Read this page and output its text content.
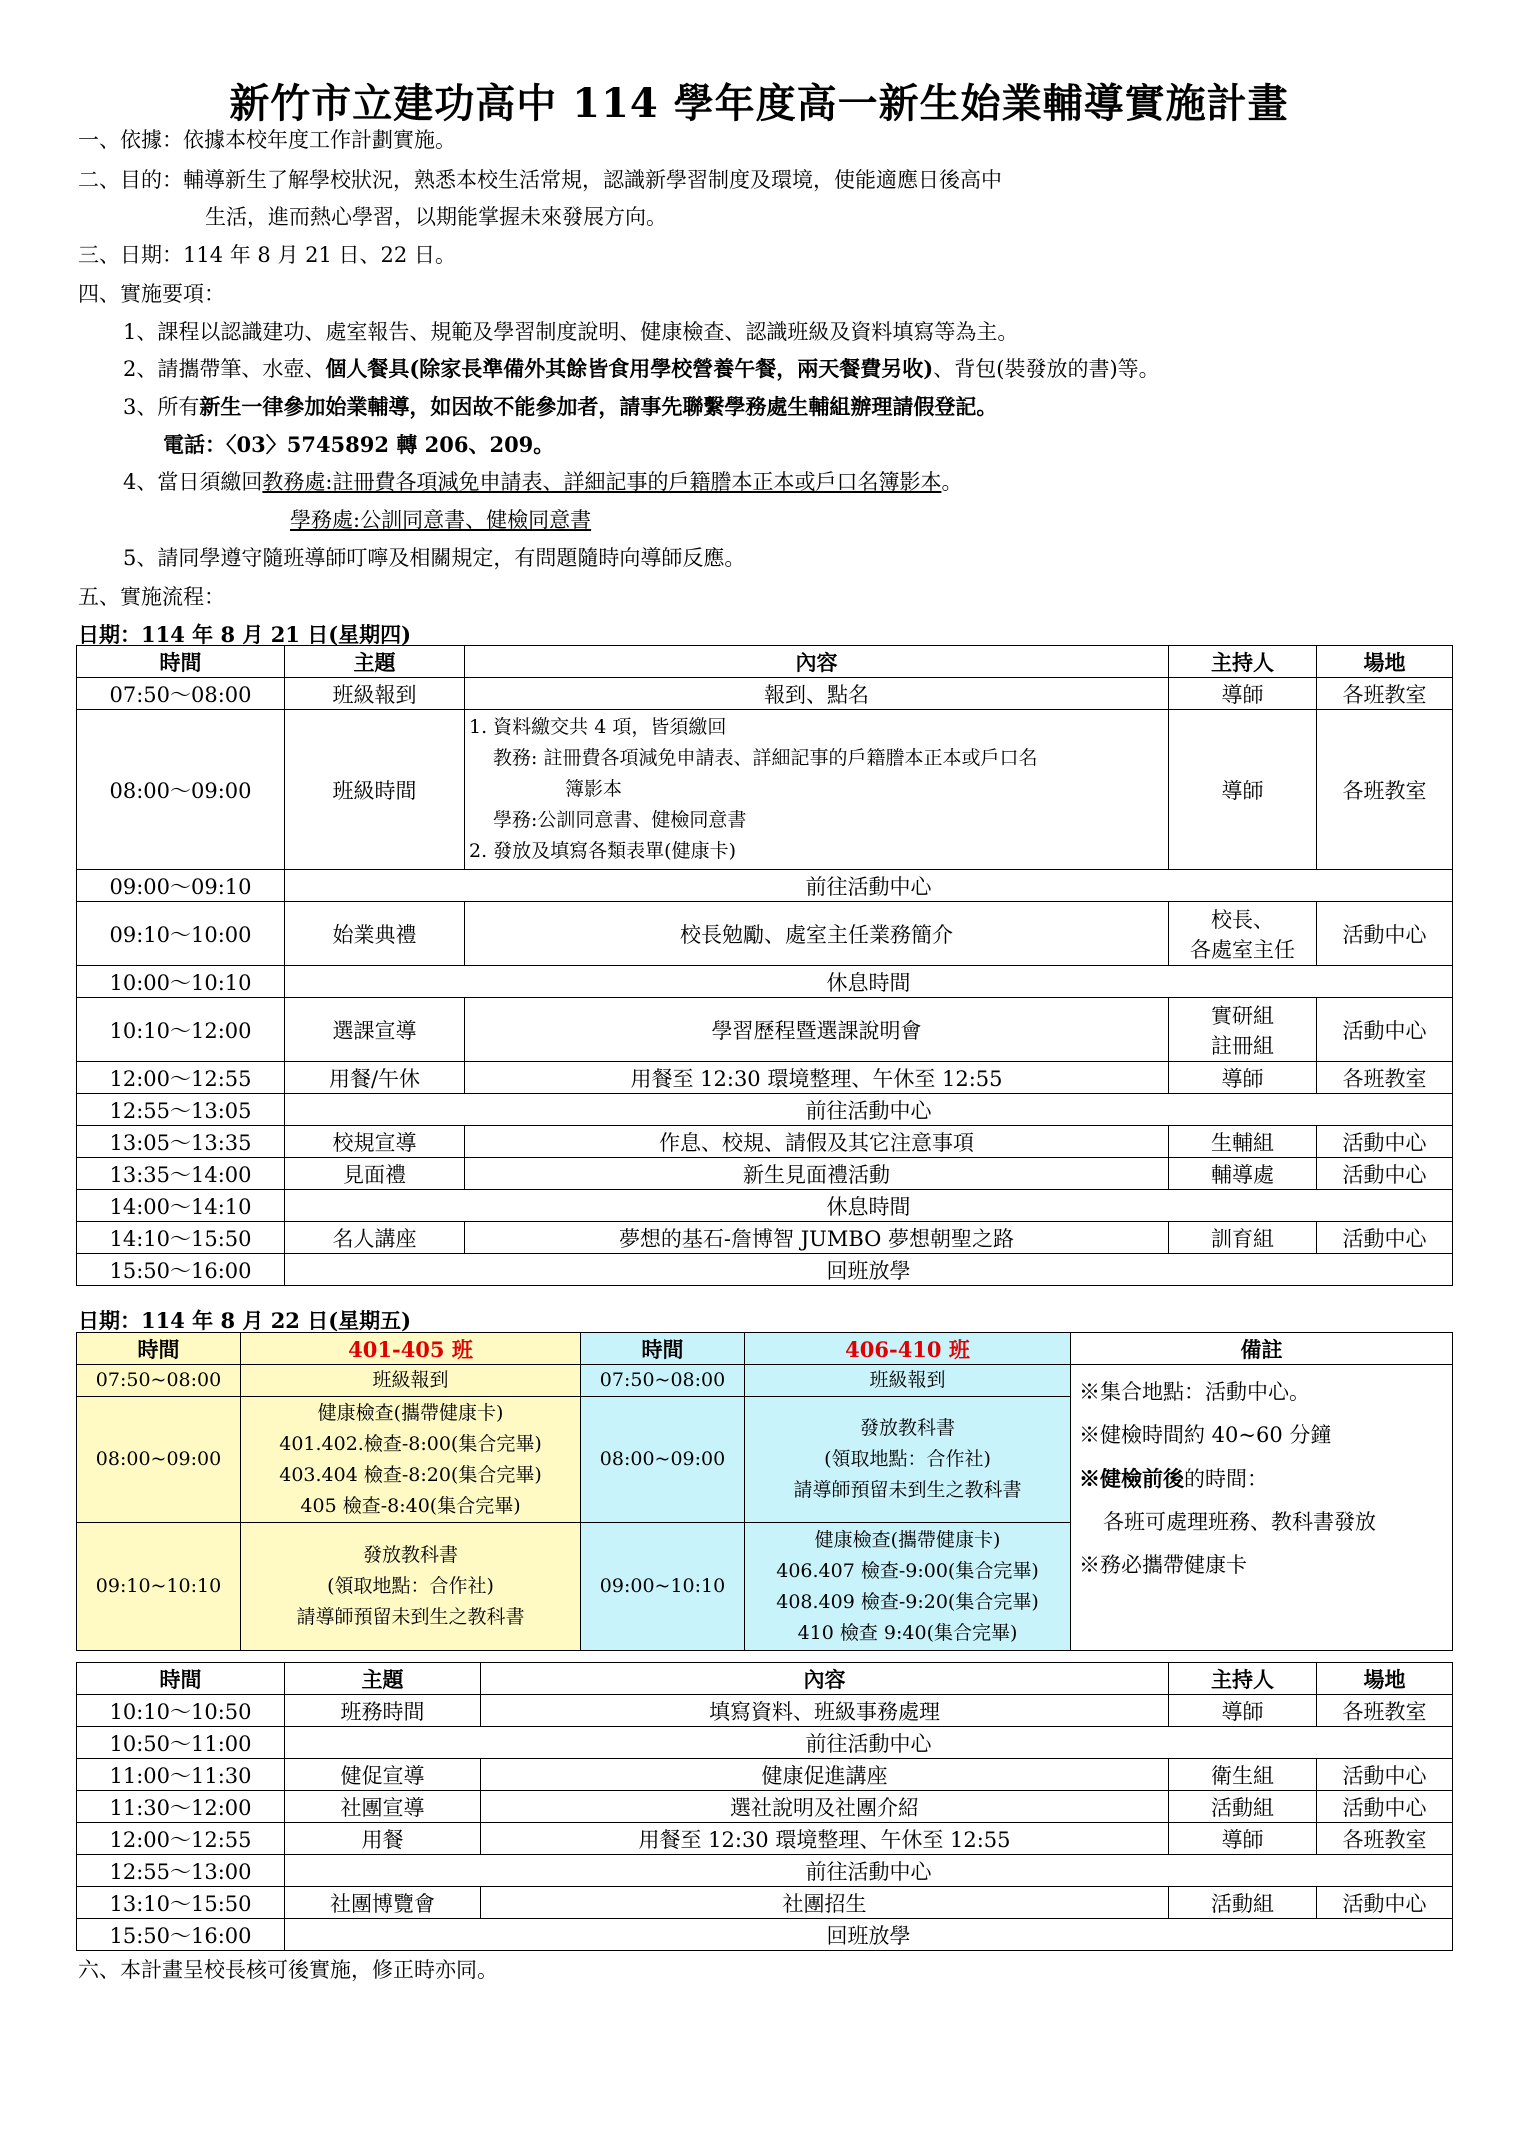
新竹市立建功高中 114 學年度高一新生始業輔導實施計畫
一、依據：依據本校年度工作計劃實施。
二、目的：輔導新生了解學校狀況，熟悉本校生活常規，認識新學習制度及環境，使能適應日後高中
生活，進而熱心學習，以期能掌握未來發展方向。
三、日期：114 年 8 月 21 日、22 日。
四、實施要項：
1、課程以認識建功、處室報告、規範及學習制度說明、健康檢查、認識班級及資料填寫等為主。
2、請攜帶筆、水壺、個人餐具(除家長準備外其餘皆食用學校營養午餐，兩天餐費另收)、背包(裝發放的書)等。
3、所有新生一律參加始業輔導，如因故不能參加者，請事先聯繫學務處生輔組辦理請假登記。
電話：〈03〉5745892 轉 206、209。
4、當日須繳回教務處:註冊費各項減免申請表、詳細記事的戶籍謄本正本或戶口名簿影本。
學務處:公訓同意書、健檢同意書
5、請同學遵守隨班導師叮嚀及相關規定，有問題隨時向導師反應。
五、實施流程：
日期：114 年 8 月 21 日(星期四)
時間	主題	內容	主持人	場地
07:50～08:00	班級報到	報到、點名	導師	各班教室
08:00～09:00	班級時間	1. 資料繳交共 4 項，皆須繳回
教務: 註冊費各項減免申請表、詳細記事的戶籍謄本正本或戶口名
簿影本
學務:公訓同意書、健檢同意書
2. 發放及填寫各類表單(健康卡)	導師	各班教室
09:00～09:10	前往活動中心			
09:10～10:00	始業典禮	校長勉勵、處室主任業務簡介	校長、
各處室主任	活動中心
10:00～10:10	休息時間			
10:10～12:00	選課宣導	學習歷程暨選課說明會	實研組
註冊組	活動中心
12:00～12:55	用餐/午休	用餐至 12:30 環境整理、午休至 12:55	導師	各班教室
12:55～13:05	前往活動中心			
13:05～13:35	校規宣導	作息、校規、請假及其它注意事項	生輔組	活動中心
13:35～14:00	見面禮	新生見面禮活動	輔導處	活動中心
14:00～14:10	休息時間			
14:10～15:50	名人講座	夢想的基石-詹博智 JUMBO 夢想朝聖之路	訓育組	活動中心
15:50～16:00	回班放學			
日期：114 年 8 月 22 日(星期五)
時間	401-405 班	時間	406-410 班	備註
07:50~08:00	班級報到	07:50~08:00	班級報到	※集合地點：活動中心。
※健檢時間約 40~60 分鐘
※健檢前後的時間：
各班可處理班務、教科書發放
※務必攜帶健康卡

08:00~09:00	健康檢查(攜帶健康卡)
401.402.檢查-8:00(集合完畢)
403.404 檢查-8:20(集合完畢)
405 檢查-8:40(集合完畢)	08:00~09:00	發放教科書
(領取地點：合作社)
請導師預留未到生之教科書	

09:10~10:10	發放教科書
(領取地點：合作社)
請導師預留未到生之教科書	09:00~10:10	健康檢查(攜帶健康卡)
406.407 檢查-9:00(集合完畢)
408.409 檢查-9:20(集合完畢)
410 檢查 9:40(集合完畢)	
時間	主題	內容	主持人	場地
10:10～10:50	班務時間	填寫資料、班級事務處理	導師	各班教室
10:50～11:00	前往活動中心			
11:00～11:30	健促宣導	健康促進講座	衛生組	活動中心
11:30～12:00	社團宣導	選社說明及社團介紹	活動組	活動中心
12:00～12:55	用餐	用餐至 12:30 環境整理、午休至 12:55	導師	各班教室
12:55～13:00	前往活動中心			
13:10～15:50	社團博覽會	社團招生	活動組	活動中心
15:50～16:00	回班放學			
六、本計畫呈校長核可後實施，修正時亦同。
